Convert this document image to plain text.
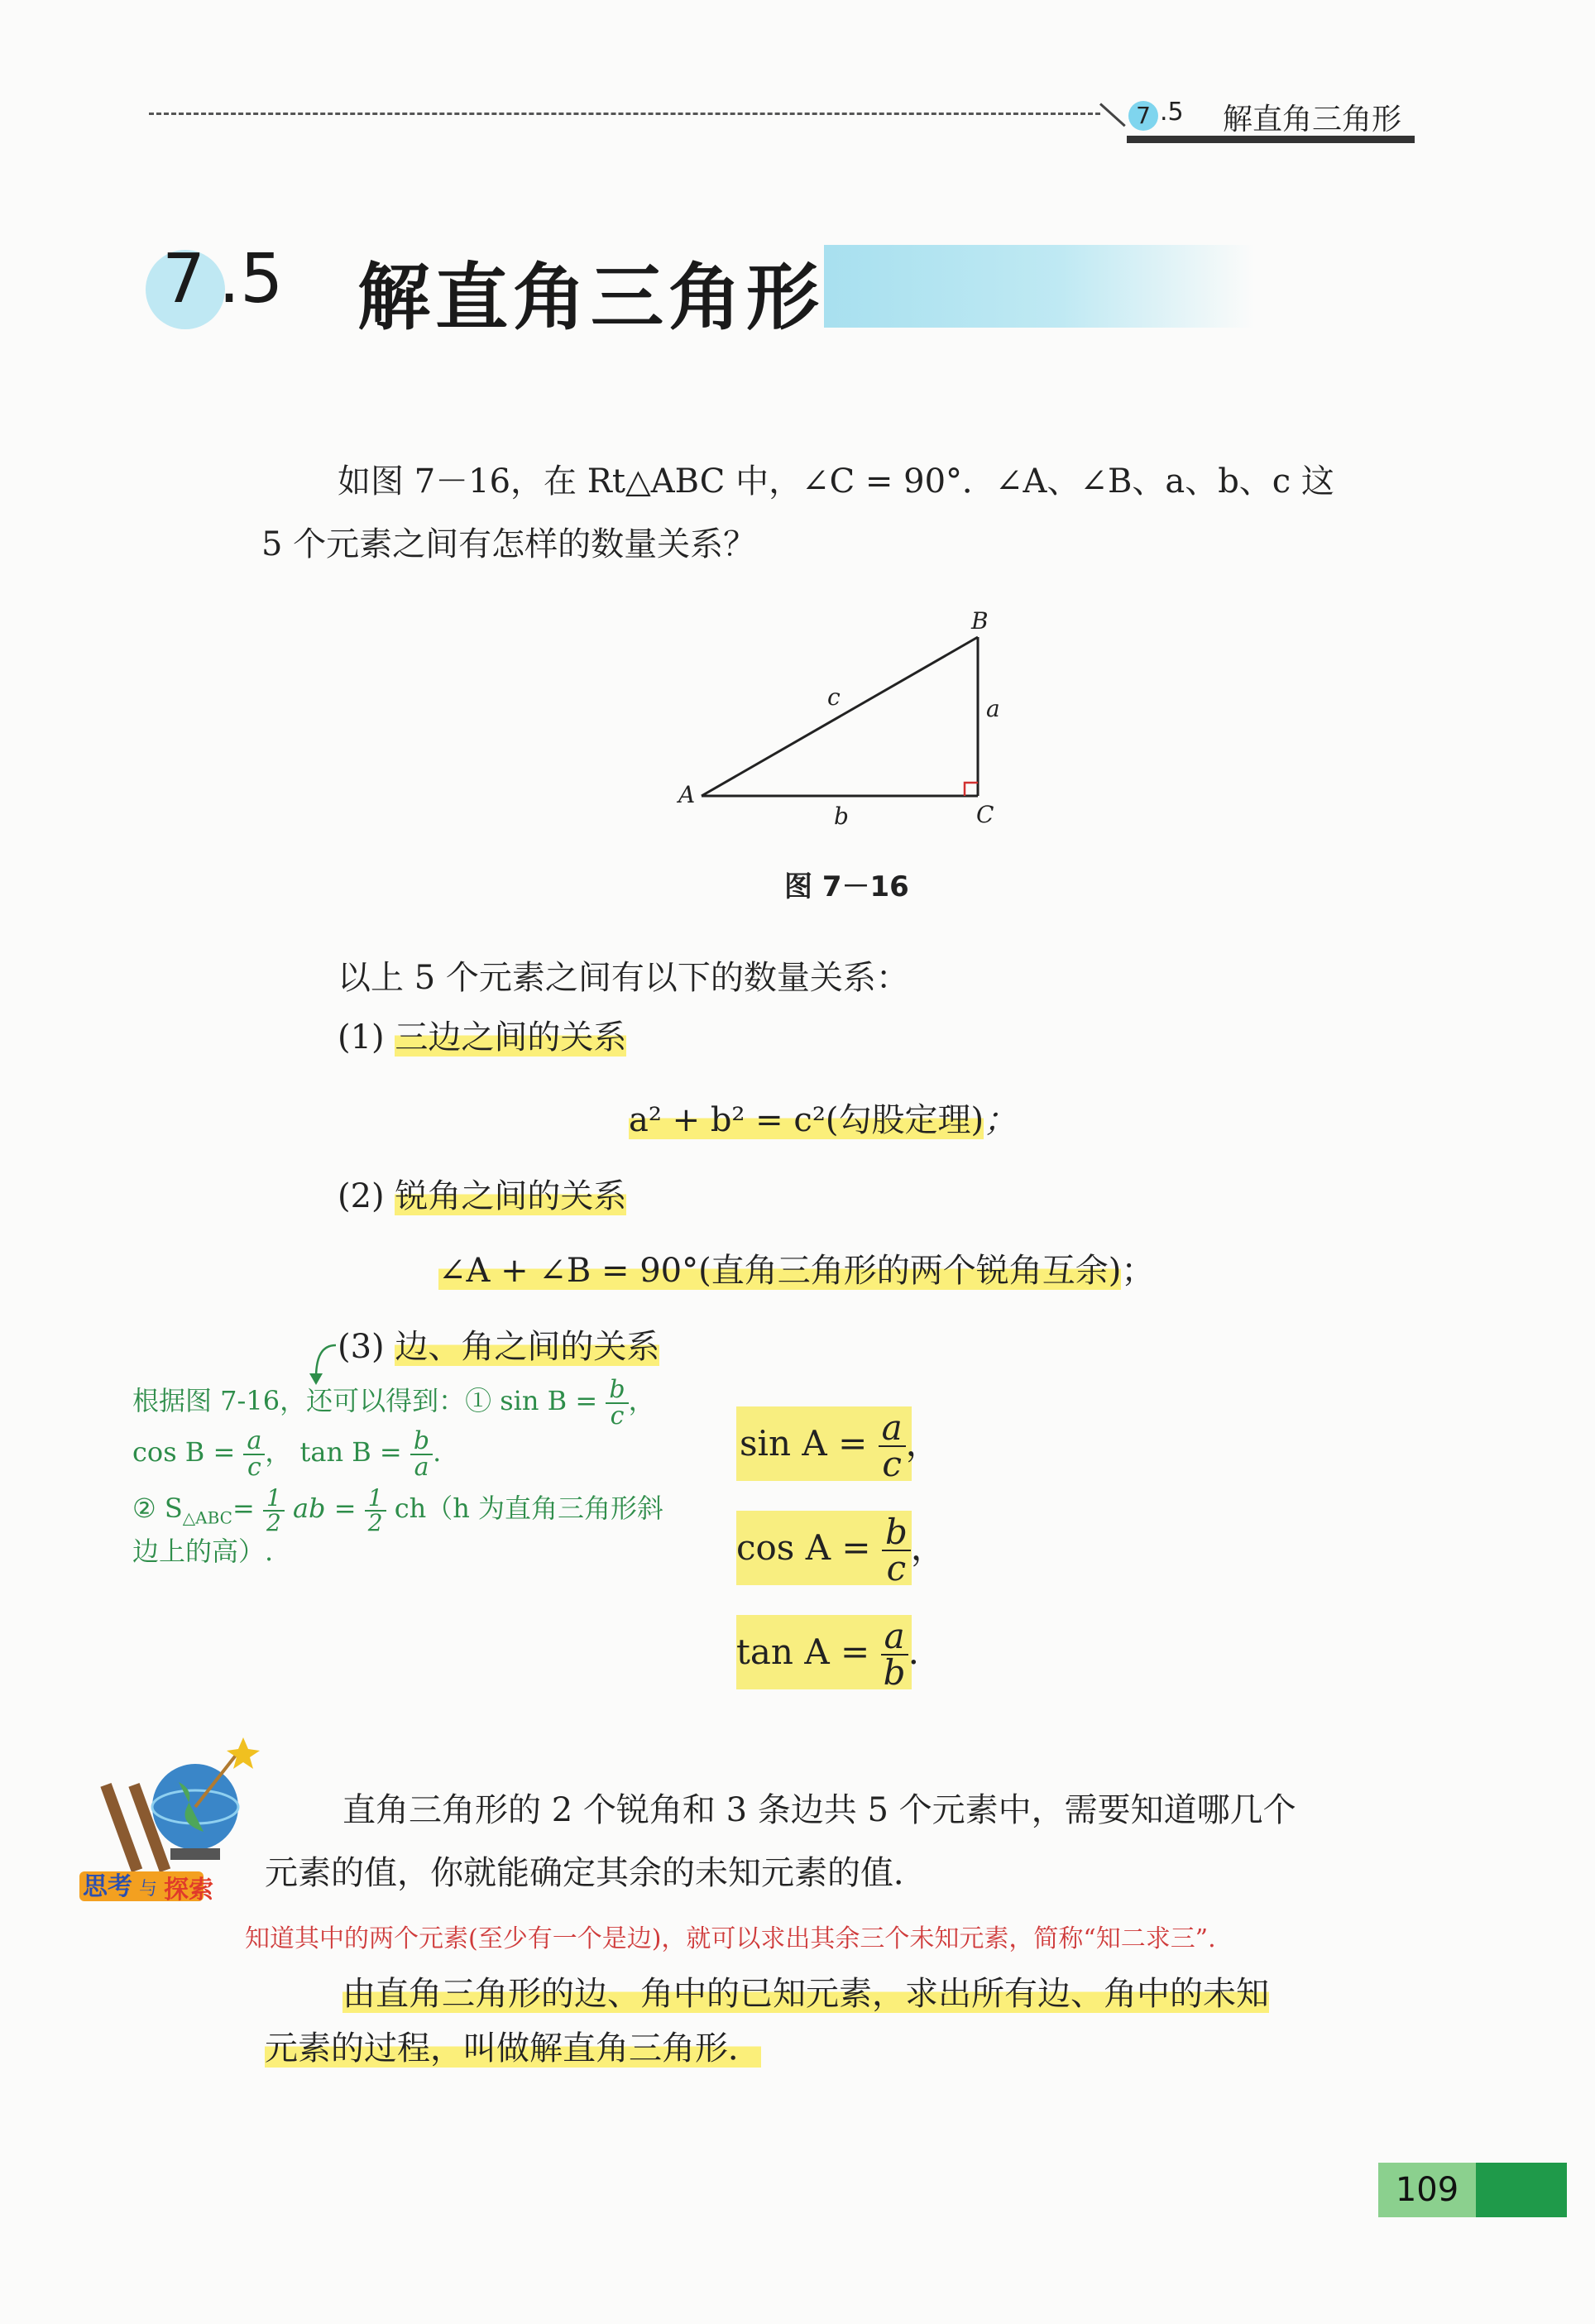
7 .5 解直角三角形
7 .5 解直角三角形
如图 7－16，在 Rt△ABC 中，∠C = 90°．∠A、∠B、a、b、c 这
5 个元素之间有怎样的数量关系？
A
B
C
a
b
c
图 7－16
以上 5 个元素之间有以下的数量关系：
(1) 三边之间的关系
a² + b² = c²(勾股定理)；
(2) 锐角之间的关系
∠A + ∠B = 90°(直角三角形的两个锐角互余)；
(3) 边、角之间的关系
$\sin A = \frac{a}{c}$ ，
$\cos A = \frac{b}{c}$ ，
$\tan A = \frac{a}{b}$ .
根据图 7-16，还可以得到：① $\sin B = \frac{b}{c}$ ，
$\cos B = \frac{a}{c}$ ， $\tan B = \frac{b}{a}$ .
② $S_{\triangle ABC}= \frac{1}{2}$ ab = $\frac{1}{2} ch(h$ 为直角三角形斜
边上的高）.
思考 与 探索
直角三角形的 2 个锐角和 3 条边共 5 个元素中，需要知道哪几个
元素的值，你就能确定其余的未知元素的值．
知道其中的两个元素(至少有一个是边)，就可以求出其余三个未知元素，简称“知二求三”.
由直角三角形的边、角中的已知元素，求出所有边、角中的未知
元素的过程，叫做解直角三角形．
109
